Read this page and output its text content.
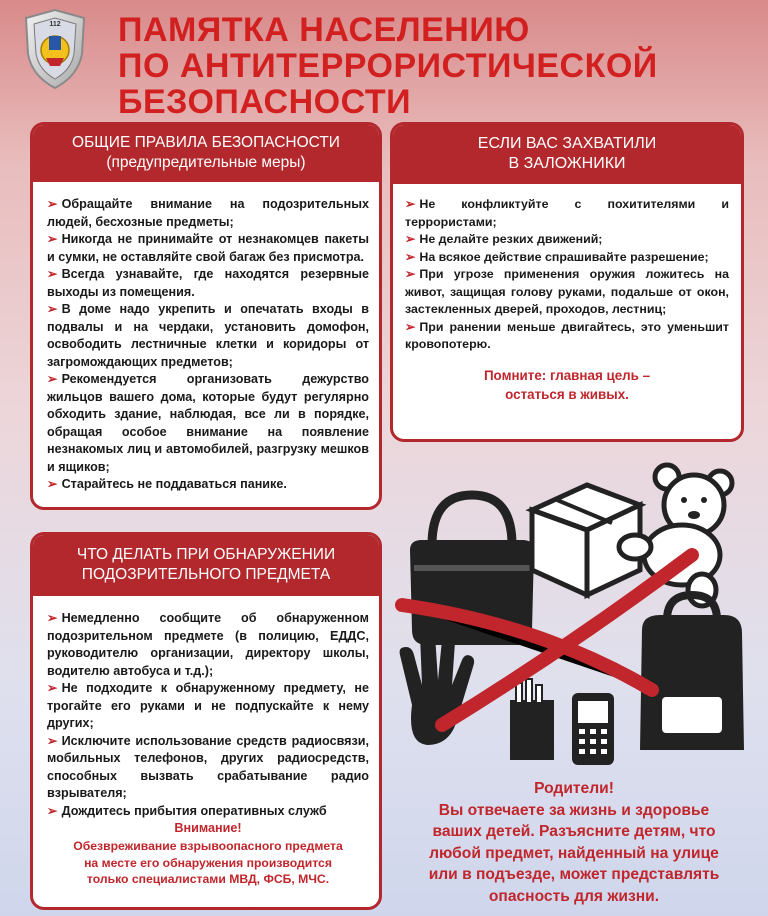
112 ПАМЯТКА НАСЕЛЕНИЮ
ПО АНТИТЕРРОРИСТИЧЕСКОЙ
БЕЗОПАСНОСТИ
ОБЩИЕ ПРАВИЛА БЕЗОПАСНОСТИ
(предупредительные меры)
➢ Обращайте внимание на подозрительных людей, бесхозные предметы;
➢ Никогда не принимайте от незнакомцев пакеты и сумки, не оставляйте свой багаж без присмотра.
➢ Всегда узнавайте, где находятся резервные выходы из помещения.
➢ В доме надо укрепить и опечатать входы в подвалы и на чердаки, установить домофон, освободить лестничные клетки и коридоры от загромождающих предметов;
➢ Рекомендуется организовать дежурство жильцов вашего дома, которые будут регулярно обходить здание, наблюдая, все ли в порядке, обращая особое внимание на появление незнакомых лиц и автомобилей, разгрузку мешков и ящиков;
➢ Старайтесь не поддаваться панике.
ЕСЛИ ВАС ЗАХВАТИЛИ
В ЗАЛОЖНИКИ
➢ Не конфликтуйте с похитителями и террористами;
➢ Не делайте резких движений;
➢ На всякое действие спрашивайте разрешение;
➢ При угрозе применения оружия ложитесь на живот, защищая голову руками, подальше от окон, застекленных дверей, проходов, лестниц;
➢ При ранении меньше двигайтесь, это уменьшит кровопотерю.
Помните: главная цель –
остаться в живых.
ЧТО ДЕЛАТЬ ПРИ ОБНАРУЖЕНИИ
ПОДОЗРИТЕЛЬНОГО ПРЕДМЕТА
➢ Немедленно сообщите об обнаруженном подозрительном предмете (в полицию, ЕДДС, руководителю организации, директору школы, водителю автобуса и т.д.);
➢ Не подходите к обнаруженному предмету, не трогайте его руками и не подпускайте к нему других;
➢ Исключите использование средств радиосвязи, мобильных телефонов, других радиосредств, способных вызвать срабатывание радио взрывателя;
➢ Дождитесь прибытия оперативных служб
Внимание!
Обезвреживание взрывоопасного предмета
на месте его обнаружения производится
только специалистами МВД, ФСБ, МЧС.
Родители!
Вы отвечаете за жизнь и здоровье
ваших детей. Разъясните детям, что
любой предмет, найденный на улице
или в подъезде, может представлять
опасность для жизни.
